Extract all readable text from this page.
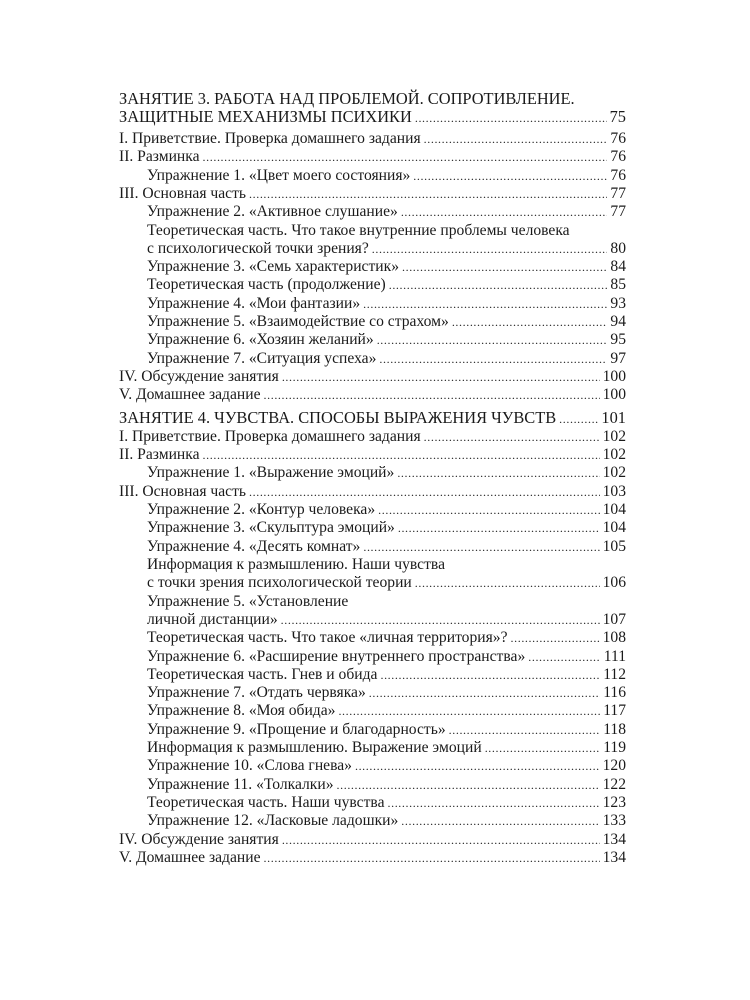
ЗАНЯТИЕ 3. РАБОТА НАД ПРОБЛЕМОЙ. СОПРОТИВЛЕНИЕ.
ЗАЩИТНЫЕ МЕХАНИЗМЫ ПСИХИКИ . . .	75
I. Приветствие. Проверка домашнего задания . . .	76
II. Разминка . . .	76
Упражнение 1. «Цвет моего состояния» . . .	76
III. Основная часть . . .	77
Упражнение 2. «Активное слушание» . . .	77
Теоретическая часть. Что такое внутренние проблемы человека
с психологической точки зрения? . . .	80
Упражнение 3. «Семь характеристик» . . .	84
Теоретическая часть (продолжение) . . .	85
Упражнение 4. «Мои фантазии» . . .	93
Упражнение 5. «Взаимодействие со страхом» . . .	94
Упражнение 6. «Хозяин желаний» . . .	95
Упражнение 7. «Ситуация успеха» . . .	97
IV. Обсуждение занятия . . .	100
V. Домашнее задание . . .	100
ЗАНЯТИЕ 4. ЧУВСТВА. СПОСОБЫ ВЫРАЖЕНИЯ ЧУВСТВ . . .	101
I. Приветствие. Проверка домашнего задания . . .	102
II. Разминка . . .	102
Упражнение 1. «Выражение эмоций» . . .	102
III. Основная часть . . .	103
Упражнение 2. «Контур человека» . . .	104
Упражнение 3. «Скульптура эмоций» . . .	104
Упражнение 4. «Десять комнат» . . .	105
Информация к размышлению. Наши чувства
с точки зрения психологической теории . . .	106
Упражнение 5. «Установление
личной дистанции» . . .	107
Теоретическая часть. Что такое «личная территория»? . . .	108
Упражнение 6. «Расширение внутреннего пространства» . . .	111
Теоретическая часть. Гнев и обида . . .	112
Упражнение 7. «Отдать червяка» . . .	116
Упражнение 8. «Моя обида» . . .	117
Упражнение 9. «Прощение и благодарность» . . .	118
Информация к размышлению. Выражение эмоций . . .	119
Упражнение 10. «Слова гнева» . . .	120
Упражнение 11. «Толкалки» . . .	122
Теоретическая часть. Наши чувства . . .	123
Упражнение 12. «Ласковые ладошки» . . .	133
IV. Обсуждение занятия . . .	134
V. Домашнее задание . . .	134
